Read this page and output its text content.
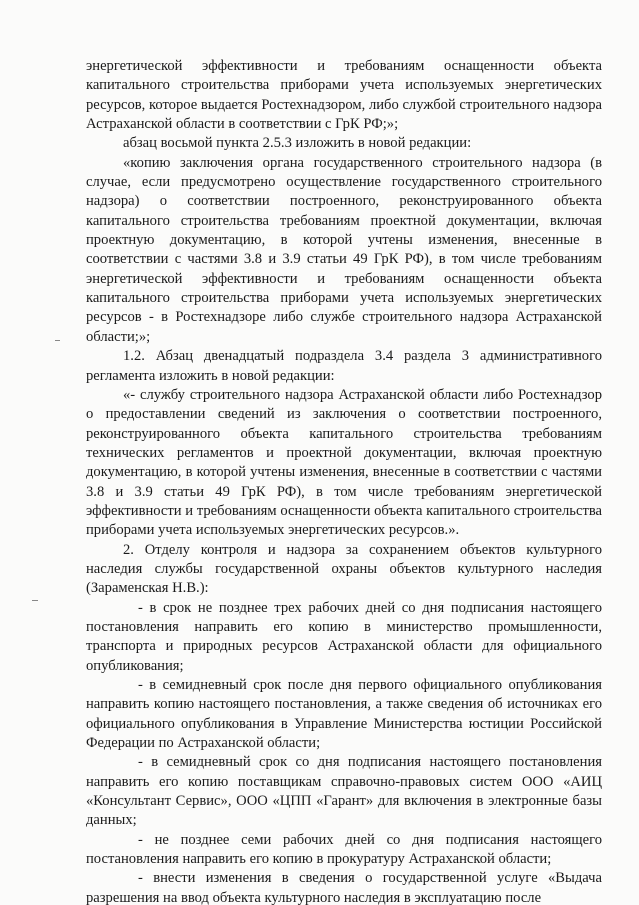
энергетической эффективности и требованиям оснащенности объекта капитального строительства приборами учета используемых энергетических ресурсов, которое выдается Ростехнадзором, либо службой строительного надзора Астраханской области в соответствии с ГрК РФ;»;

абзац восьмой пункта 2.5.3 изложить в новой редакции:

«копию заключения органа государственного строительного надзора (в случае, если предусмотрено осуществление государственного строительного надзора) о соответствии построенного, реконструированного объекта капитального строительства требованиям проектной документации, включая проектную документацию, в которой учтены изменения, внесенные в соответствии с частями 3.8 и 3.9 статьи 49 ГрК РФ), в том числе требованиям энергетической эффективности и требованиям оснащенности объекта капитального строительства приборами учета используемых энергетических ресурсов - в Ростехнадзоре либо службе строительного надзора Астраханской области;»;

1.2. Абзац двенадцатый подраздела 3.4 раздела 3 административного регламента изложить в новой редакции:

«- службу строительного надзора Астраханской области либо Ростехнадзор о предоставлении сведений из заключения о соответствии построенного, реконструированного объекта капитального строительства требованиям технических регламентов и проектной документации, включая проектную документацию, в которой учтены изменения, внесенные в соответствии с частями 3.8 и 3.9 статьи 49 ГрК РФ), в том числе требованиям энергетической эффективности и требованиям оснащенности объекта капитального строительства приборами учета используемых энергетических ресурсов.».

2. Отделу контроля и надзора за сохранением объектов культурного наследия службы государственной охраны объектов культурного наследия (Зараменская Н.В.):

- в срок не позднее трех рабочих дней со дня подписания настоящего постановления направить его копию в министерство промышленности, транспорта и природных ресурсов Астраханской области для официального опубликования;

- в семидневный срок после дня первого официального опубликования направить копию настоящего постановления, а также сведения об источниках его официального опубликования в Управление Министерства юстиции Российской Федерации по Астраханской области;

- в семидневный срок со дня подписания настоящего постановления направить его копию поставщикам справочно-правовых систем ООО «АИЦ «Консультант Сервис», ООО «ЦПП «Гарант» для включения в электронные базы данных;

- не позднее семи рабочих дней со дня подписания настоящего постановления направить его копию в прокуратуру Астраханской области;

- внести изменения в сведения о государственной услуге «Выдача разрешения на ввод объекта культурного наследия в эксплуатацию после
